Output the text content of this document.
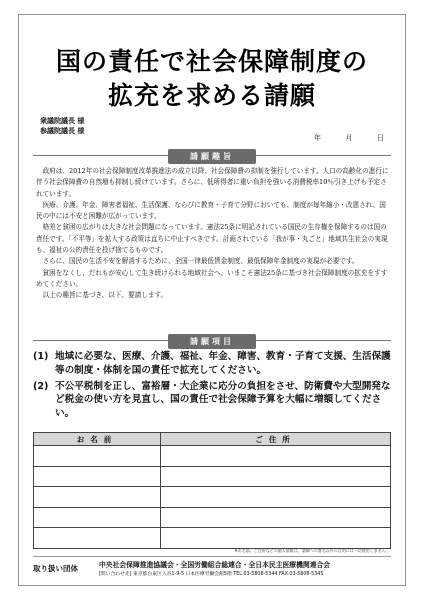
国の責任で社会保障制度の
拡充を求める請願
衆議院議長 様
参議院議長 様
年	月	日
請願趣旨

政府は、2012年の社会保障制度改革推進法の成立以降、社会保障費の抑制を強行しています。人口の高齢化の進行に伴う社会保障費の自然増も抑制し続けています。さらに、低所得者に重い負担を強いる消費税率10％引き上げも予定されています。

医療、介護、年金、障害者福祉、生活保護、ならびに教育・子育て分野においても、制度が毎年縮小・改悪され、国民の中には不安と困難が広がっています。

格差と貧困の広がりは大きな社会問題になっています。憲法25条に明記されている国民の生存権を保障するのは国の責任です。「不平等」を拡大する政策は直ちに中止すべきです。計画されている「我が事・丸ごと」地域共生社会の実現も、福祉の公的責任を投げ捨てるものです。

さらに、国民の生活不安を解消するために、全国一律最低賃金制度、最低保障年金制度の実現が必要です。

貧困をなくし、だれもが安心して生き続けられる地域社会へ、いまこそ憲法25条に基づき社会保障制度の拡充をすすめてください。

以上の趣旨に基づき、以下、要請します。

請願項目
(1) 地域に必要な、医療、介護、福祉、年金、障害、教育・子育て支援、生活保護等の制度・体制を国の責任で拡充してください。
(2) 不公平税制を正し、富裕層・大企業に応分の負担をさせ、防衛費や大型開発など税金の使い方を見直し、国の責任で社会保障予算を大幅に増額してください。
お名前	ご住所

※お名前、ご住所などの個人情報は、請願への署名以外の目的には一切使用しません。
取り扱い団体	中央社会保障推進協議会・全国労働組合総連合・全日本民主医療機関連合会
[問い合わせ先] 東京都台東区入谷1-9-5 日本医療労働会館5階 TEL.03-5808-5344 FAX.03-5808-5345
